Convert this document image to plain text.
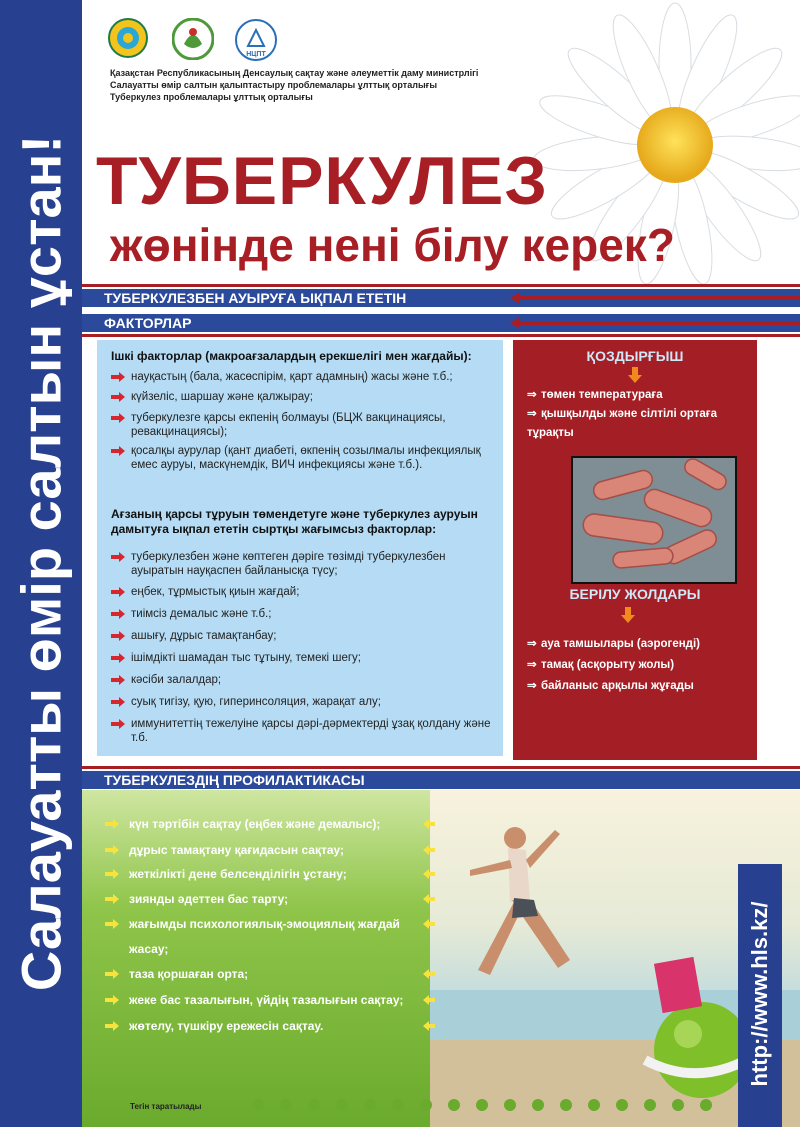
Салауатты өмір салтын ұстан!
НЦПТ
Қазақстан Республикасының Денсаулық сақтау және әлеуметтік даму министрлігі
Салауатты өмір салтын қалыптастыру проблемалары ұлттық орталығы
Туберкулез проблемалары ұлттық орталығы
ТУБЕРКУЛЕЗ
жөнінде нені білу керек?
ТУБЕРКУЛЕЗБЕН АУЫРУҒА ЫҚПАЛ ЕТЕТІН
ФАКТОРЛАР
Ішкі факторлар (макроағзалардың ерекшелігі мен жағдайы):
науқастың (бала, жасөспірім, қарт адамның) жасы және т.б.;
күйзеліс, шаршау және қалжырау;
туберкулезге қарсы екпенің болмауы (БЦЖ вакцинациясы, ревакцинациясы);
қосалқы аурулар (қант диабеті, өкпенің созылмалы инфекциялық емес ауруы, маскүнемдік, ВИЧ инфекциясы және т.б.).
Ағзаның қарсы тұруын төмендетуге және туберкулез ауруын дамытуға ықпал ететін сыртқы жағымсыз факторлар:
туберкулезбен және көптеген дәріге төзімді туберкулезбен ауыратын науқаспен байланысқа түсу;
еңбек, тұрмыстық қиын жағдай;
тиімсіз демалыс және т.б.;
ашығу, дұрыс тамақтанбау;
ішімдікті шамадан тыс тұтыну, темекі шегу;
кәсіби залалдар;
суық тигізу, қую, гиперинсоляция, жарақат алу;
иммунитеттің тежелуіне қарсы дәрі-дәрмектерді ұзақ қолдану және т.б.
ҚОЗДЫРҒЫШ
⇒ төмен температураға
⇒ қышқылды және сілтілі ортаға тұрақты
БЕРІЛУ ЖОЛДАРЫ
⇒ ауа тамшылары (аэрогенді)
⇒ тамақ (асқорыту жолы)
⇒ байланыс арқылы жұғады
ТУБЕРКУЛЕЗДІҢ ПРОФИЛАКТИКАСЫ
күн тәртібін сақтау (еңбек және демалыс);
дұрыс тамақтану қағидасын сақтау;
жеткілікті дене белсенділігін ұстану;
зиянды әдеттен бас тарту;
жағымды психологиялық-эмоциялық жағдай
жасау;
таза қоршаған орта;
жеке бас тазалығын, үйдің тазалығын сақтау;
жөтелу, түшкіру ережесін сақтау.	http://www.hls.kz/
Тегін таратылады
